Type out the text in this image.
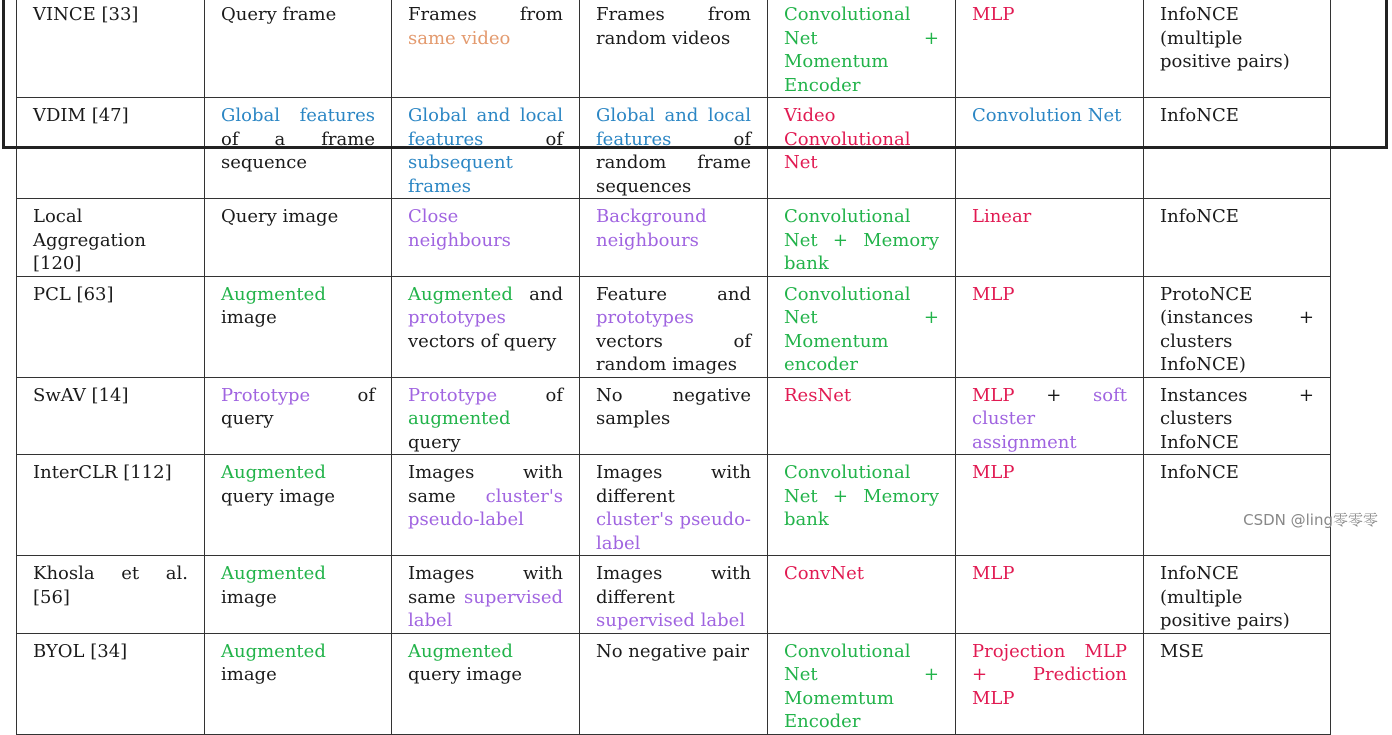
VINCE [33]	Query frame	Frames from same video	Frames from random videos	Convolutional Net + Momentum Encoder	MLP	InfoNCE (multiple positive pairs)
VDIM [47]	Global features of a frame sequence	Global and local features of subsequent frames	Global and local features of random frame sequences	Video Convolutional Net	Convolution Net	InfoNCE
Local Aggregation [120]	Query image	Close neighbours	Background neighbours	Convolutional Net + Memory bank	Linear	InfoNCE
PCL [63]	Augmented image	Augmented and prototypes vectors of query	Feature and prototypes vectors of random images	Convolutional Net + Momentum encoder	MLP	ProtoNCE (instances + clusters InfoNCE)
SwAV [14]	Prototype of query	Prototype of augmented query	No negative samples	ResNet	MLP + soft cluster assignment	Instances + clusters InfoNCE
InterCLR [112]	Augmented query image	Images with same cluster's pseudo-label	Images with different cluster's pseudo-label	Convolutional Net + Memory bank	MLP	InfoNCE
Khosla et al. [56]	Augmented image	Images with same supervised label	Images with different supervised label	ConvNet	MLP	InfoNCE (multiple positive pairs)
BYOL [34]	Augmented image	Augmented query image	No negative pair	Convolutional Net + Momemtum Encoder	Projection MLP + Prediction MLP	MSE
CSDN @ling零零零
